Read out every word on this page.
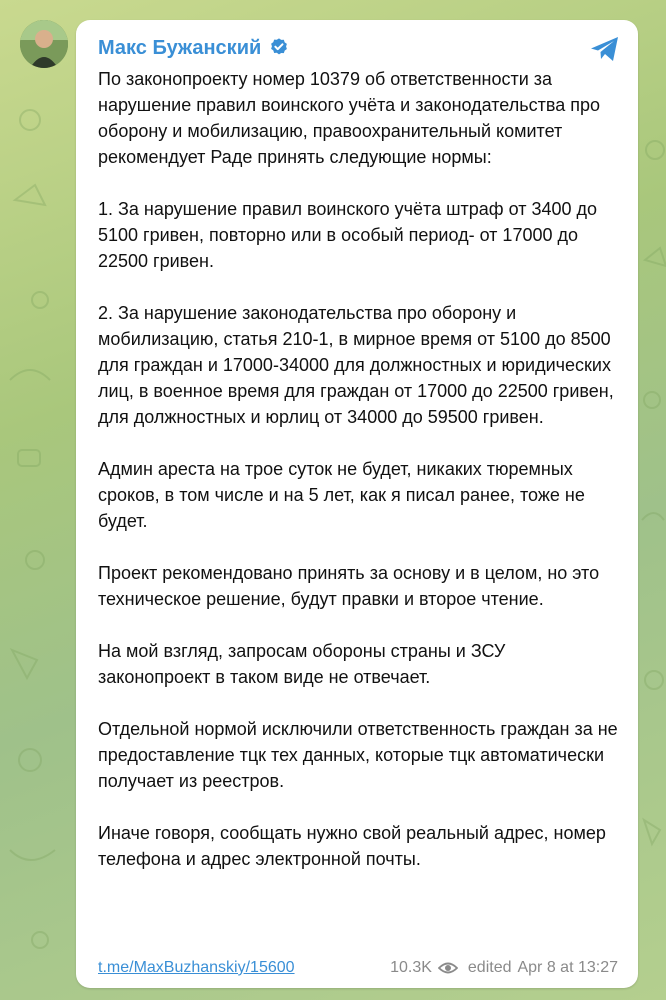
Макс Бужанский

По законопроекту номер 10379 об ответственности за нарушение правил воинского учёта и законодательства про оборону и мобилизацию, правоохранительный комитет рекомендует Раде принять следующие нормы:

1. За нарушение правил воинского учёта штраф от 3400 до 5100 гривен, повторно или в особый период- от 17000 до 22500 гривен.

2. За нарушение законодательства про оборону и мобилизацию, статья 210-1, в мирное время от 5100 до 8500 для граждан и 17000-34000 для должностных и юридических лиц, в военное время для граждан от 17000 до 22500 гривен, для должностных и юрлиц от 34000 до 59500 гривен.

Админ ареста на трое суток не будет, никаких тюремных сроков, в том числе и на 5 лет, как я писал ранее, тоже не будет.

Проект рекомендовано принять за основу и в целом, но это техническое решение, будут правки и второе чтение.

На мой взгляд, запросам обороны страны и ЗСУ законопроект в таком виде не отвечает.

Отдельной нормой исключили ответственность граждан за не предоставление тцк тех данных, которые тцк автоматически получает из реестров.

Иначе говоря, сообщать нужно свой реальный адрес, номер телефона и адрес электронной почты.

t.me/MaxBuzhanskiy/15600	10.3K edited Apr 8 at 13:27
